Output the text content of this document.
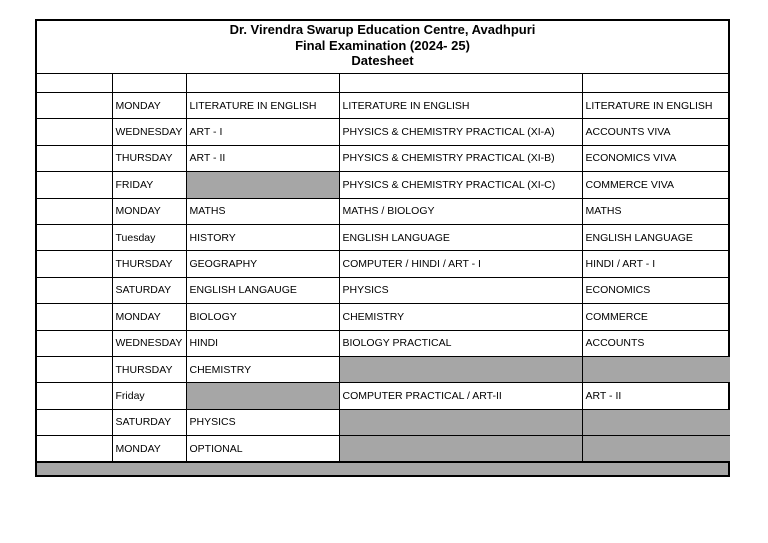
Dr. Virendra Swarup Education Centre, Avadhpuri
Final Examination (2024- 25)
Datesheet

	MONDAY	LITERATURE IN ENGLISH	LITERATURE IN ENGLISH	LITERATURE IN ENGLISH
	WEDNESDAY	ART - I	PHYSICS & CHEMISTRY PRACTICAL (XI-A)	ACCOUNTS VIVA
	THURSDAY	ART - II	PHYSICS & CHEMISTRY PRACTICAL (XI-B)	ECONOMICS VIVA
	FRIDAY		PHYSICS & CHEMISTRY PRACTICAL (XI-C)	COMMERCE VIVA
	MONDAY	MATHS	MATHS / BIOLOGY	MATHS
	Tuesday	HISTORY	ENGLISH LANGUAGE	ENGLISH LANGUAGE
	THURSDAY	GEOGRAPHY	COMPUTER / HINDI / ART - I	HINDI / ART - I
	SATURDAY	ENGLISH LANGAUGE	PHYSICS	ECONOMICS
	MONDAY	BIOLOGY	CHEMISTRY	COMMERCE
	WEDNESDAY	HINDI	BIOLOGY PRACTICAL	ACCOUNTS
	THURSDAY	CHEMISTRY		
	Friday		COMPUTER PRACTICAL / ART-II	ART - II
	SATURDAY	PHYSICS		
	MONDAY	OPTIONAL		
